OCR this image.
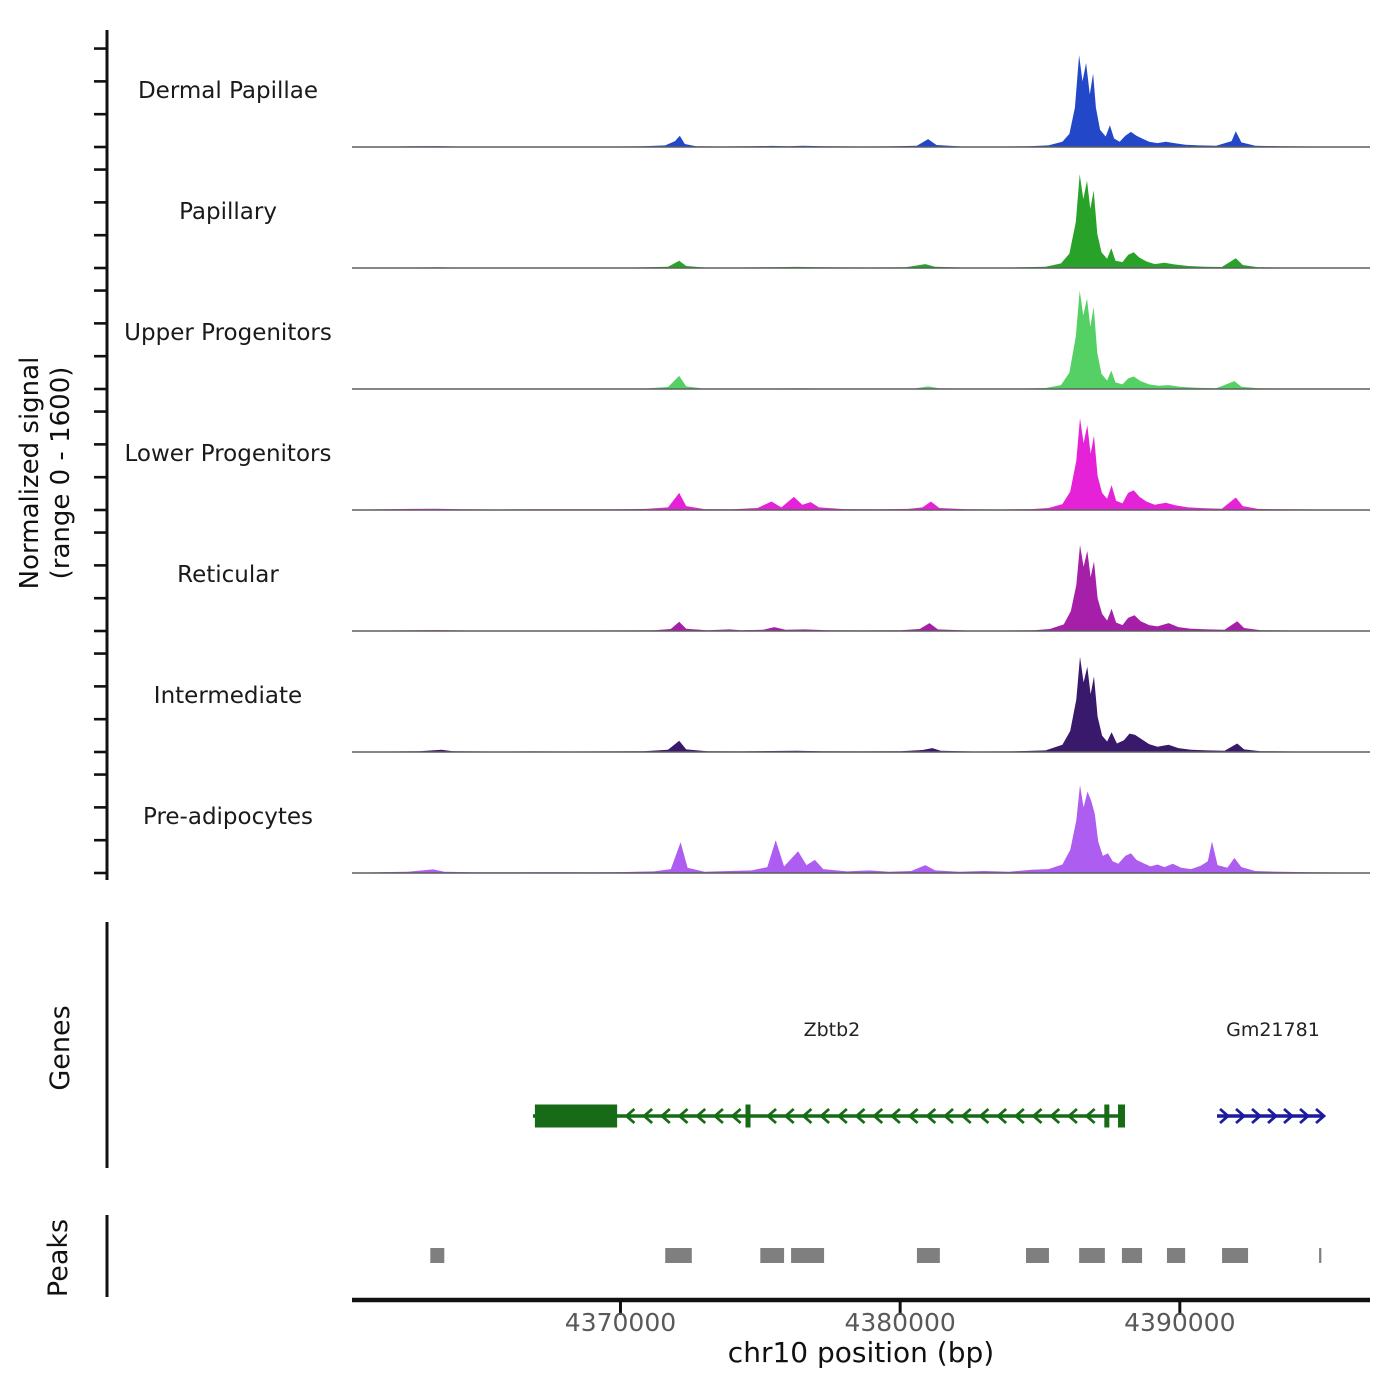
Normalized signal (range 0 - 1600)
Dermal Papillae
Papillary
Upper Progenitors
Lower Progenitors
Reticular
Intermediate
Pre-adipocytes
Genes
Peaks
Zbtb2	Gm21781
4370000	4380000	4390000
chr10 position (bp)
